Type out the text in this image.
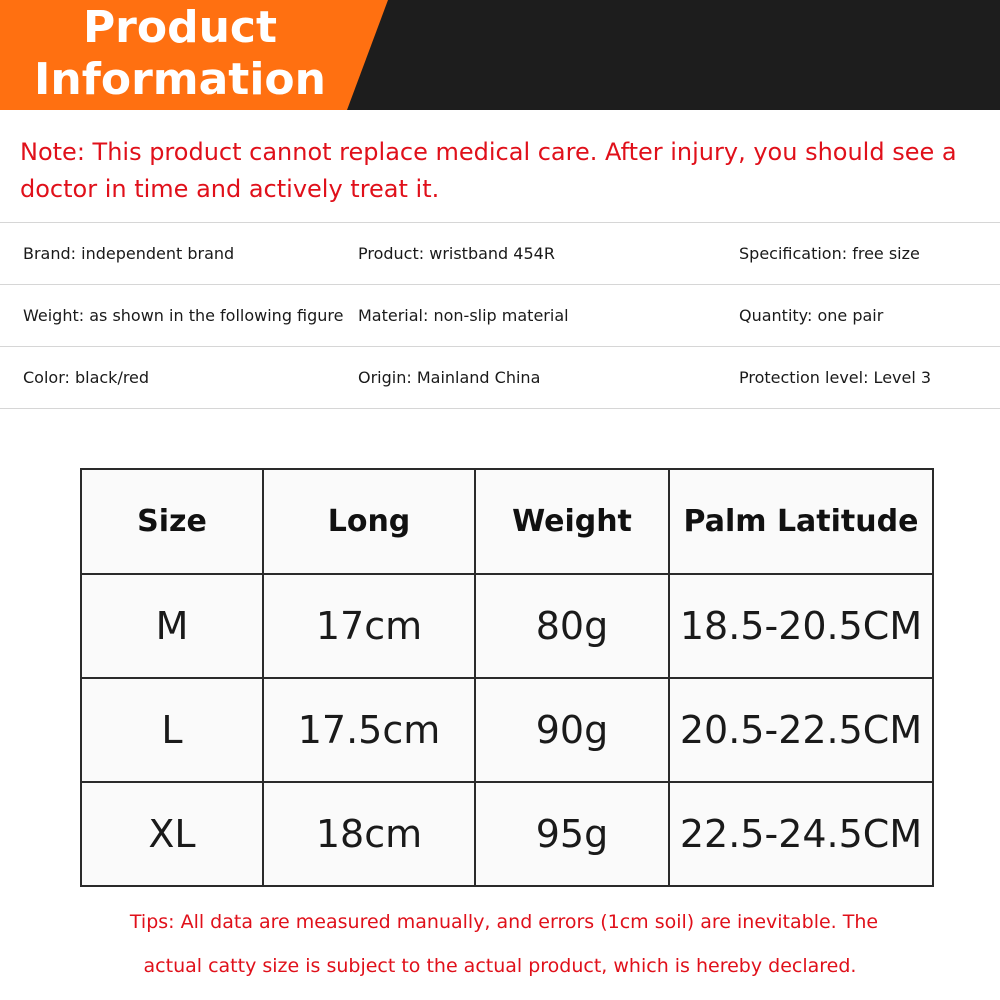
Product
Information

Note: This product cannot replace medical care. After injury, you should see a doctor in time and actively treat it.

Brand: independent brand	Product: wristband 454R	Specification: free size
Weight: as shown in the following figure Material: non-slip material	Quantity: one pair
Color: black/red	Origin: Mainland China	Protection level: Level 3
Size	Long	Weight	Palm Latitude
M	17cm	80g	18.5-20.5CM
L	17.5cm	90g	20.5-22.5CM
XL	18cm	95g	22.5-24.5CM

Tips: All data are measured manually, and errors (1cm soil) are inevitable. The
actual catty size is subject to the actual product, which is hereby declared.
